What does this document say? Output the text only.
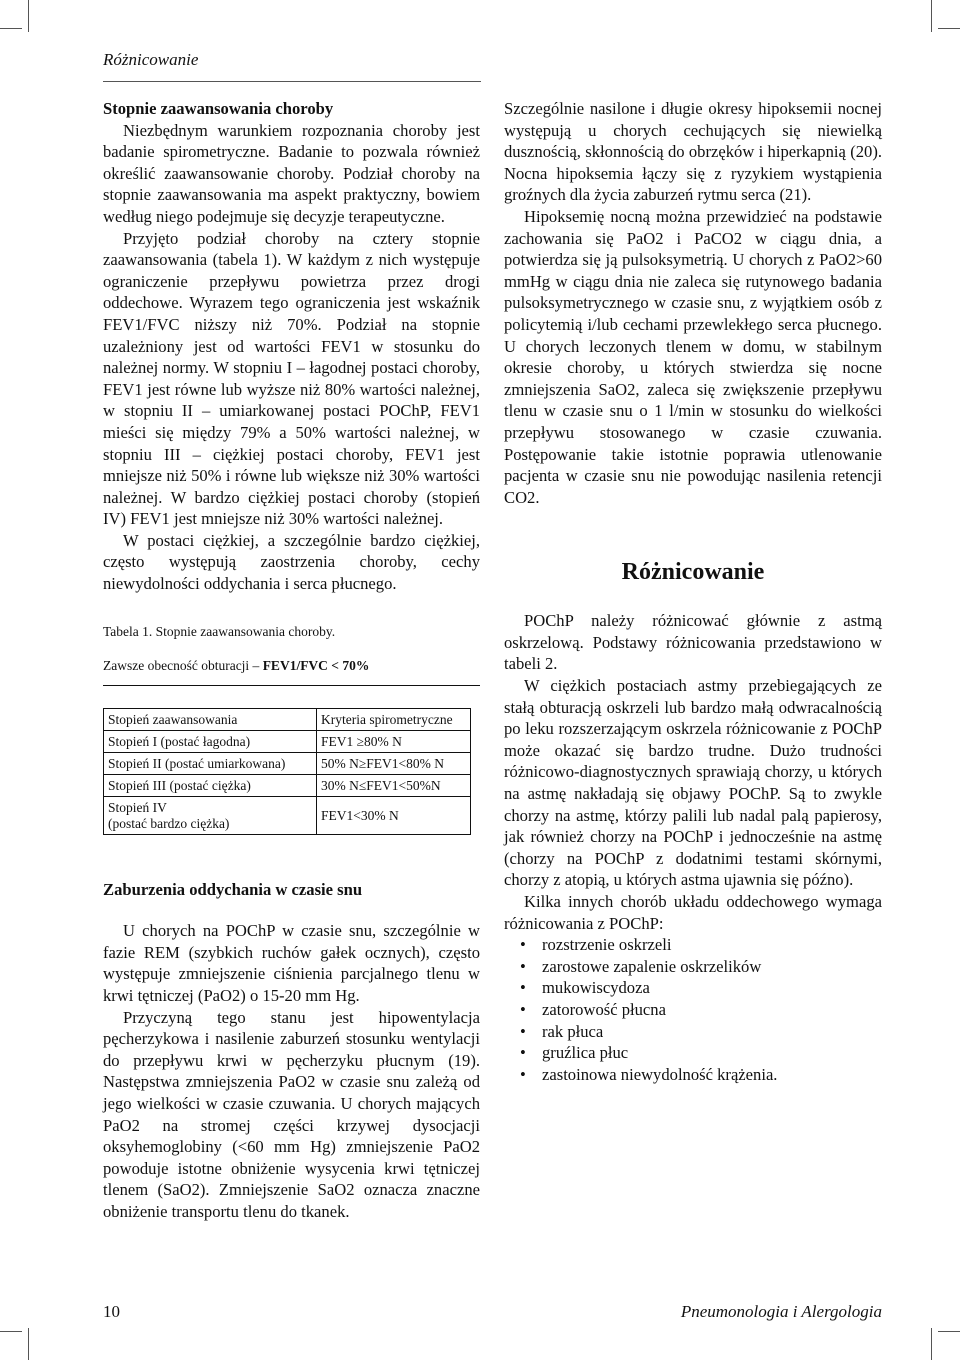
Różnicowanie
Stopnie zaawansowania choroby

Niezbędnym warunkiem rozpoznania choroby jest badanie spirometryczne. Badanie to pozwala również określić zaawansowanie choroby. Podział choroby na stopnie zaawansowania ma aspekt praktyczny, bowiem według niego podejmuje się decyzje terapeutyczne.

Przyjęto podział choroby na cztery stopnie zaawansowania (tabela 1). W każdym z nich występuje ograniczenie przepływu powietrza przez drogi oddechowe. Wyrazem tego ograniczenia jest wskaźnik FEV1/FVC niższy niż 70%. Podział na stopnie uzależniony jest od wartości FEV1 w stosunku do należnej normy. W stopniu I – łagodnej postaci choroby, FEV1 jest równe lub wyższe niż 80% wartości należnej, w stopniu II – umiarkowanej postaci POChP, FEV1 mieści się między 79% a 50% wartości należnej, w stopniu III – ciężkiej postaci choroby, FEV1 jest mniejsze niż 50% i równe lub większe niż 30% wartości należnej. W bardzo ciężkiej postaci choroby (stopień IV) FEV1 jest mniejsze niż 30% wartości należnej.

W postaci ciężkiej, a szczególnie bardzo ciężkiej, często występują zaostrzenia choroby, cechy niewydolności oddychania i serca płucnego.

Tabela 1. Stopnie zaawansowania choroby.
Zawsze obecność obturacji – FEV1/FVC < 70%
Stopień zaawansowania	Kryteria spirometryczne
Stopień I (postać łagodna)	FEV1 ≥80% N
Stopień II (postać umiarkowana)	50% N≥FEV1<80% N
Stopień III (postać ciężka)	30% N≤FEV1<50%N
Stopień IV
(postać bardzo ciężka)	FEV1<30% N
Zaburzenia oddychania w czasie snu

U chorych na POChP w czasie snu, szczególnie w fazie REM (szybkich ruchów gałek ocznych), często występuje zmniejszenie ciśnienia parcjalnego tlenu w krwi tętniczej (PaO2) o 15-20 mm Hg.

Przyczyną tego stanu jest hipowentylacja pęcherzykowa i nasilenie zaburzeń stosunku wentylacji do przepływu krwi w pęcherzyku płucnym (19). Następstwa zmniejszenia PaO2 w czasie snu zależą od jego wielkości w czasie czuwania. U chorych mających PaO2 na stromej części krzywej dysocjacji oksyhemoglobiny (<60 mm Hg) zmniejszenie PaO2 powoduje istotne obniżenie wysycenia krwi tętniczej tlenem (SaO2). Zmniejszenie SaO2 oznacza znaczne obniżenie transportu tlenu do tkanek.

Szczególnie nasilone i długie okresy hipoksemii nocnej występują u chorych cechujących się niewielką dusznością, skłonnością do obrzęków i hiperkapnią (20). Nocna hipoksemia łączy się z ryzykiem wystąpienia groźnych dla życia zaburzeń rytmu serca (21).

Hipoksemię nocną można przewidzieć na podstawie zachowania się PaO2 i PaCO2 w ciągu dnia, a potwierdza się ją pulsoksymetrią. U chorych z PaO2>60 mmHg w ciągu dnia nie zaleca się rutynowego badania pulsoksymetrycznego w czasie snu, z wyjątkiem osób z policytemią i/lub cechami przewlekłego serca płucnego. U chorych leczonych tlenem w domu, w stabilnym okresie choroby, u których stwierdza się nocne zmniejszenia SaO2, zaleca się zwiększenie przepływu tlenu w czasie snu o 1 l/min w stosunku do wielkości przepływu stosowanego w czasie czuwania. Postępowanie takie istotnie poprawia utlenowanie pacjenta w czasie snu nie powodując nasilenia retencji CO2.

Różnicowanie

POChP należy różnicować głównie z astmą oskrzelową. Podstawy różnicowania przedstawiono w tabeli 2.

W ciężkich postaciach astmy przebiegających ze stałą obturacją oskrzeli lub bardzo małą odwracalnością po leku rozszerzającym oskrzela różnicowanie z POChP może okazać się bardzo trudne. Dużo trudności różnicowo-diagnostycznych sprawiają chorzy, u których na astmę nakładają się objawy POChP. Są to zwykle chorzy na astmę, którzy palili lub nadal palą papierosy, jak również chorzy na POChP i jednocześnie na astmę (chorzy na POChP z dodatnimi testami skórnymi, chorzy z atopią, u których astma ujawnia się późno).

Kilka innych chorób układu oddechowego wymaga różnicowania z POChP:

• rozstrzenie oskrzeli
• zarostowe zapalenie oskrzelików
• mukowiscydoza
• zatorowość płucna
• rak płuca
• gruźlica płuc
• zastoinowa niewydolność krążenia.
10	Pneumonologia i Alergologia
